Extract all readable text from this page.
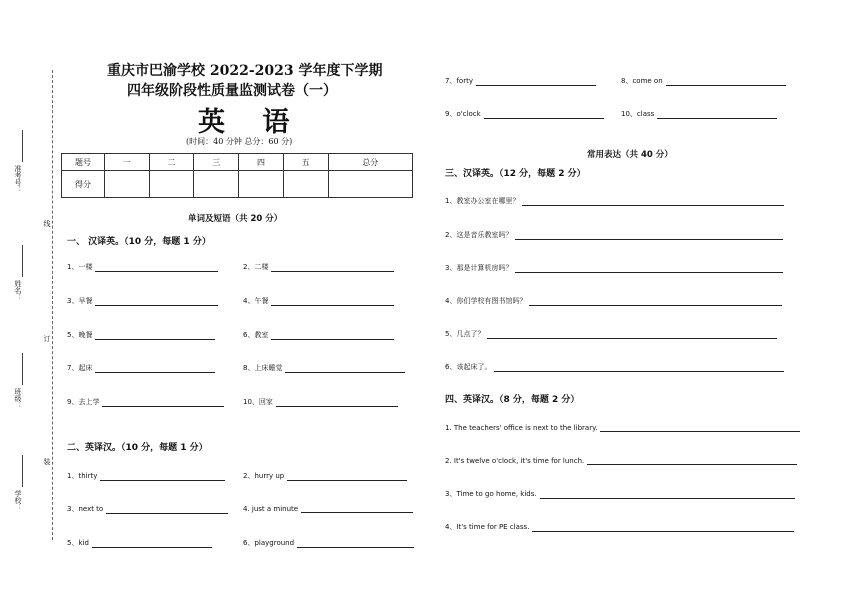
准考号：
姓名：
班级：
学校：
线
订
装
重庆市巴渝学校 2022-2023 学年度下学期
四年级阶段性质量监测试卷（一）
英 语
(时间：40 分钟 总分：60 分)
题号	一	二	三	四	五	总分
得分						
单词及短语（共 20 分）
一、 汉译英。（10 分，每题 1 分）
1、一楼	2、二楼
3、早餐	4、午餐
5、晚餐	6、教室
7、起床	8、上床睡觉
9、去上学	10、回家
二、英译汉。（10 分，每题 1 分）
1、thirty	2、hurry up
3、next to	4. just a minute
5、kid	6、playground
7、forty	8、come on
9、o'clock	10、class
常用表达（共 40 分）
三、汉译英。（12 分，每题 2 分）
1、教室办公室在哪里？
2、这是音乐教室吗？
3、那是计算机房吗？
4、你们学校有图书馆吗？
5、几点了？
6、该起床了。
四、英译汉。（8 分，每题 2 分）
1. The teachers' office is next to the library.
2. It's twelve o'clock, it's time for lunch.
3、Time to go home, kids.
4、It's time for PE class.
